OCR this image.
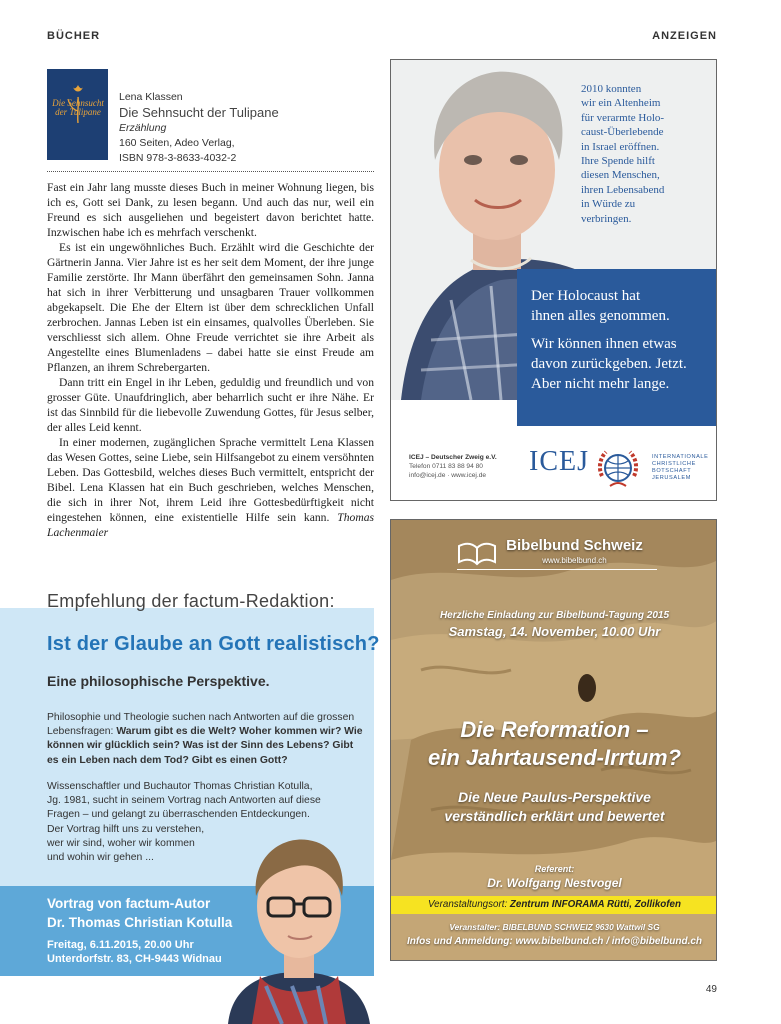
BÜCHER	ANZEIGEN
Die Sehnsucht der Tulipane
Lena Klassen
Die Sehnsucht der Tulipane
Erzählung
160 Seiten, Adeo Verlag,
ISBN 978-3-8633-4032-2

Fast ein Jahr lang musste dieses Buch in meiner Wohnung liegen, bis ich es, Gott sei Dank, zu lesen begann. Und auch das nur, weil ein Freund es sich ausgeliehen und begeistert davon berichtet hatte. Inzwischen habe ich es mehrfach verschenkt.

Es ist ein ungewöhnliches Buch. Erzählt wird die Geschichte der Gärtnerin Janna. Vier Jahre ist es her seit dem Moment, der ihre junge Familie zerstörte. Ihr Mann überfährt den gemeinsamen Sohn. Janna hat sich in ihrer Verbitterung und unsagbaren Trauer vollkommen abgekapselt. Die Ehe der Eltern ist über dem schrecklichen Unfall zerbrochen. Jannas Leben ist ein einsames, qualvolles Überleben. Sie verschliesst sich allem. Ohne Freude verrichtet sie ihre Arbeit als Angestellte eines Blumenladens – dabei hatte sie einst Freude am Pflanzen, an ihrem Schrebergarten.

Dann tritt ein Engel in ihr Leben, geduldig und freundlich und von grosser Güte. Unaufdringlich, aber beharrlich sucht er ihre Nähe. Er ist das Sinnbild für die liebevolle Zuwendung Gottes, für Jesus selber, der alles Leid kennt.

In einer modernen, zugänglichen Sprache vermittelt Lena Klassen das Wesen Gottes, seine Liebe, sein Hilfsangebot zu einem versöhnten Leben. Das Gottesbild, welches dieses Buch vermittelt, entspricht der Bibel. Lena Klassen hat ein Buch geschrieben, welches Menschen, die sich in ihrer Not, ihrem Leid ihre Gottesbedürftigkeit nicht eingestehen können, eine existentielle Hilfe sein kann. Thomas Lachenmaier

Empfehlung der factum-Redaktion:
Ist der Glaube an Gott realistisch?
Eine philosophische Perspektive.
Philosophie und Theologie suchen nach Antworten auf die grossen Lebensfragen: Warum gibt es die Welt? Woher kommen wir? Wie können wir glücklich sein? Was ist der Sinn des Lebens? Gibt es ein Leben nach dem Tod? Gibt es einen Gott?
Wissenschaftler und Buchautor Thomas Christian Kotulla,
Jg. 1981, sucht in seinem Vortrag nach Antworten auf diese
Fragen – und gelangt zu überraschenden Entdeckungen.
Der Vortrag hilft uns zu verstehen,
wer wir sind, woher wir kommen
und wohin wir gehen ...
Vortrag von factum-Autor
Dr. Thomas Christian Kotulla
Freitag, 6.11.2015, 20.00 Uhr
Unterdorfstr. 83, CH-9443 Widnau
2010 konnten
wir ein Altenheim
für verarmte Holo-
caust-Überlebende
in Israel eröffnen.
Ihre Spende hilft
diesen Menschen,
ihren Lebensabend
in Würde zu
verbringen.
Der Holocaust hat
ihnen alles genommen.
Wir können ihnen etwas
davon zurückgeben. Jetzt.
Aber nicht mehr lange.
ICEJ – Deutscher Zweig e.V.
Telefon 0711 83 88 94 80
info@icej.de · www.icej.de	ICEJ	INTERNATIONALE
CHRISTLICHE
BOTSCHAFT
JERUSALEM
Bibelbund Schweiz
www.bibelbund.ch
Herzliche Einladung zur Bibelbund-Tagung 2015
Samstag, 14. November, 10.00 Uhr
Die Reformation –
ein Jahrtausend-Irrtum?
Die Neue Paulus-Perspektive
verständlich erklärt und bewertet
Referent:
Dr. Wolfgang Nestvogel
Veranstaltungsort: Zentrum INFORAMA Rütti, Zollikofen
Veranstalter: BIBELBUND SCHWEIZ 9630 Wattwil SG
Infos und Anmeldung: www.bibelbund.ch / info@bibelbund.ch
49
